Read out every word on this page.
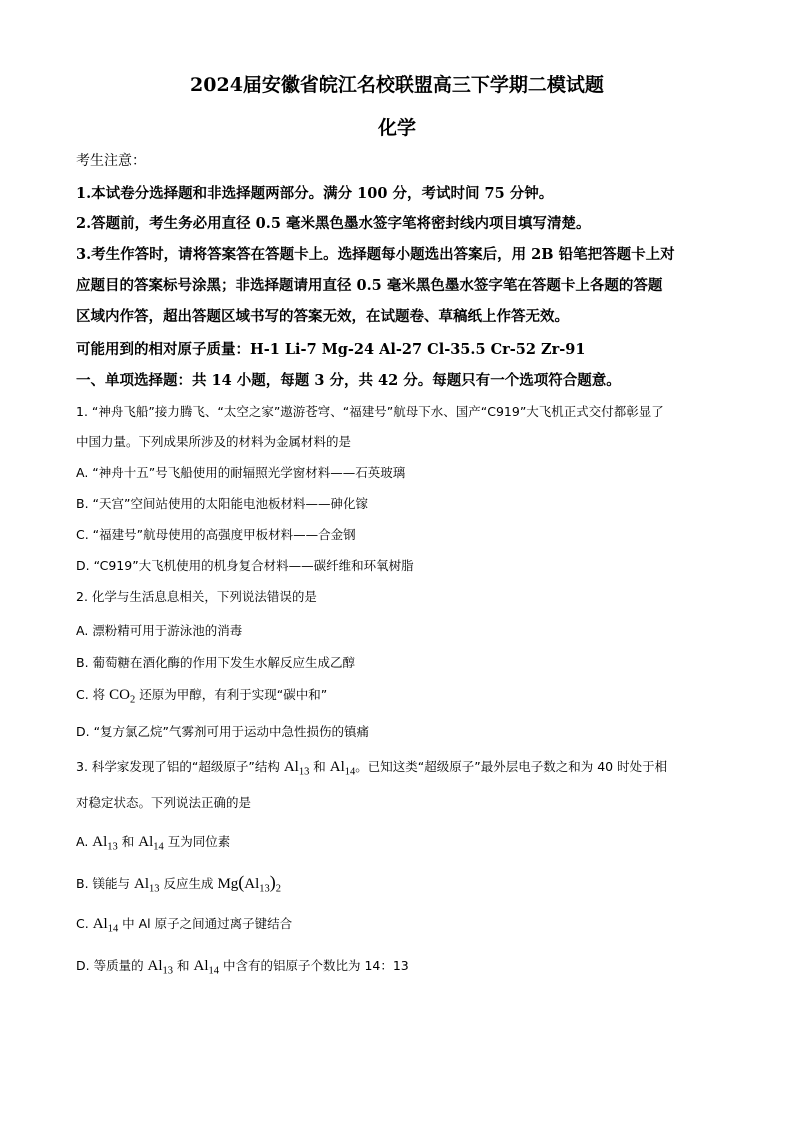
2024届安徽省皖江名校联盟高三下学期二模试题
化学
考生注意：
1.本试卷分选择题和非选择题两部分。满分 100 分，考试时间 75 分钟。
2.答题前，考生务必用直径 0.5 毫米黑色墨水签字笔将密封线内项目填写清楚。
3.考生作答时，请将答案答在答题卡上。选择题每小题选出答案后，用 2B 铅笔把答题卡上对
应题目的答案标号涂黑；非选择题请用直径 0.5 毫米黑色墨水签字笔在答题卡上各题的答题
区域内作答，超出答题区域书写的答案无效，在试题卷、草稿纸上作答无效。
可能用到的相对原子质量：H-1 Li-7 Mg-24 Al-27 Cl-35.5 Cr-52 Zr-91
一、单项选择题：共 14 小题，每题 3 分，共 42 分。每题只有一个选项符合题意。
1. “神舟飞船”接力腾飞、“太空之家”遨游苍穹、“福建号”航母下水、国产“C919”大飞机正式交付都彰显了
中国力量。下列成果所涉及的材料为金属材料的是
A. “神舟十五”号飞船使用的耐辐照光学窗材料——石英玻璃
B. “天宫”空间站使用的太阳能电池板材料——砷化镓
C. “福建号”航母使用的高强度甲板材料——合金钢
D. “C919”大飞机使用的机身复合材料——碳纤维和环氧树脂
2. 化学与生活息息相关，下列说法错误的是
A. 漂粉精可用于游泳池的消毒
B. 葡萄糖在酒化酶的作用下发生水解反应生成乙醇
C. 将 $CO_2$ 还原为甲醇，有利于实现“碳中和”
D. “复方氯乙烷”气雾剂可用于运动中急性损伤的镇痛
3. 科学家发现了铝的“超级原子”结构 $Al_{13}$ 和 $Al_{14}$。已知这类“超级原子”最外层电子数之和为 40 时处于相
对稳定状态。下列说法正确的是
A. $Al_{13}$ 和 $Al_{14}$ 互为同位素
B. 镁能与 $Al_{13}$ 反应生成 $Mg(Al_{13})_2$
C. $Al_{14}$ 中 Al 原子之间通过离子键结合
D. 等质量的 $Al_{13}$ 和 $Al_{14}$ 中含有的铝原子个数比为 14：13
